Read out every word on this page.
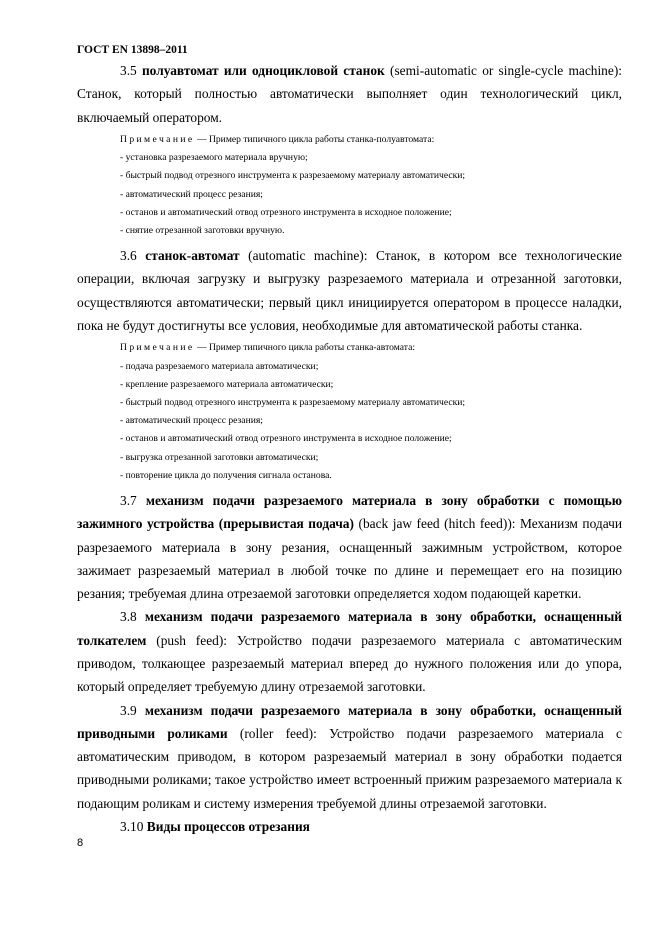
ГОСТ EN 13898–2011

3.5 полуавтомат или одноцикловой станок (semi-automatic or single-cycle machine): Станок, который полностью автоматически выполняет один технологический цикл, включаемый оператором.

Примечание — Пример типичного цикла работы станка-полуавтомата:

- установка разрезаемого материала вручную;

- быстрый подвод отрезного инструмента к разрезаемому материалу автоматически;

- автоматический процесс резания;

- останов и автоматический отвод отрезного инструмента в исходное положение;

- снятие отрезанной заготовки вручную.

3.6 станок-автомат (automatic machine): Станок, в котором все технологические операции, включая загрузку и выгрузку разрезаемого материала и отрезанной заготовки, осуществляются автоматически; первый цикл инициируется оператором в процессе наладки, пока не будут достигнуты все условия, необходимые для автоматической работы станка.

Примечание — Пример типичного цикла работы станка-автомата:

- подача разрезаемого материала автоматически;

- крепление разрезаемого материала автоматически;

- быстрый подвод отрезного инструмента к разрезаемому материалу автоматически;

- автоматический процесс резания;

- останов и автоматический отвод отрезного инструмента в исходное положение;

- выгрузка отрезанной заготовки автоматически;

- повторение цикла до получения сигнала останова.

3.7 механизм подачи разрезаемого материала в зону обработки с помощью зажимного устройства (прерывистая подача) (back jaw feed (hitch feed)): Механизм подачи разрезаемого материала в зону резания, оснащенный зажимным устройством, которое зажимает разрезаемый материал в любой точке по длине и перемещает его на позицию резания; требуемая длина отрезаемой заготовки определяется ходом подающей каретки.

3.8 механизм подачи разрезаемого материала в зону обработки, оснащенный толкателем (push feed): Устройство подачи разрезаемого материала с автоматическим приводом, толкающее разрезаемый материал вперед до нужного положения или до упора, который определяет требуемую длину отрезаемой заготовки.

3.9 механизм подачи разрезаемого материала в зону обработки, оснащенный приводными роликами (roller feed): Устройство подачи разрезаемого материала с автоматическим приводом, в котором разрезаемый материал в зону обработки подается приводными роликами; такое устройство имеет встроенный прижим разрезаемого материала к подающим роликам и систему измерения требуемой длины отрезаемой заготовки.

3.10 Виды процессов отрезания

8
